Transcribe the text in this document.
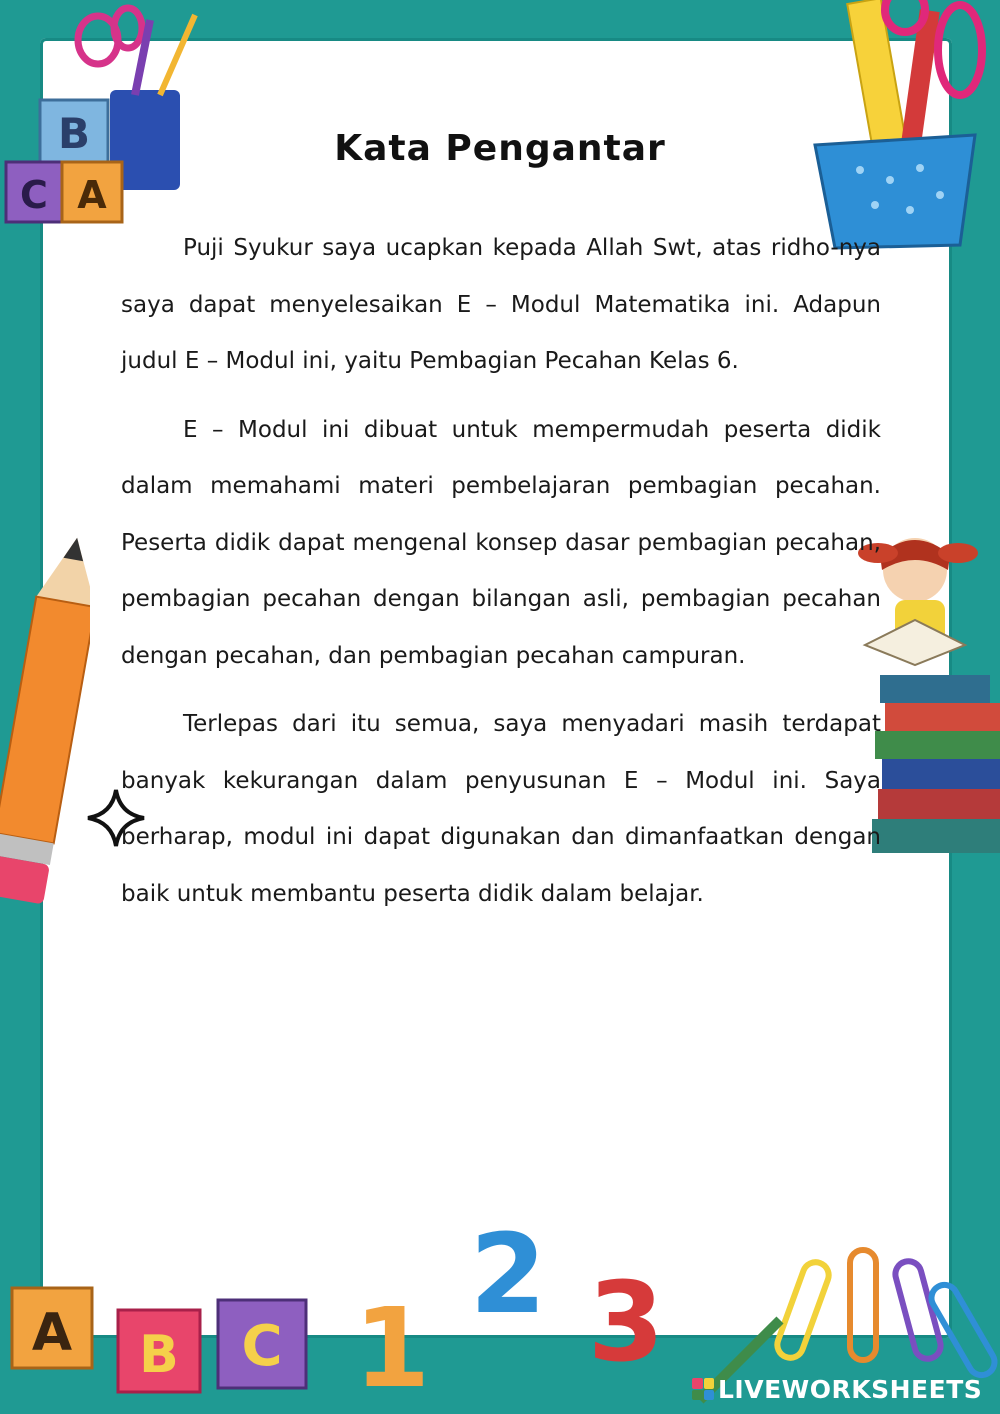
B
C A
A B C 1
2 3
Kata Pengantar

Puji Syukur saya ucapkan kepada Allah Swt, atas ridho-nya saya dapat menyelesaikan E – Modul Matematika ini. Adapun judul E – Modul ini, yaitu Pembagian Pecahan Kelas 6.

E – Modul ini dibuat untuk mempermudah peserta didik dalam memahami materi pembelajaran pembagian pecahan. Peserta didik dapat mengenal konsep dasar pembagian pecahan, pembagian pecahan dengan bilangan asli, pembagian pecahan dengan pecahan, dan pembagian pecahan campuran.

Terlepas dari itu semua, saya menyadari masih terdapat banyak kekurangan dalam penyusunan E – Modul ini. Saya berharap, modul ini dapat digunakan dan dimanfaatkan dengan baik untuk membantu peserta didik dalam belajar.

LIVEWORKSHEETS
